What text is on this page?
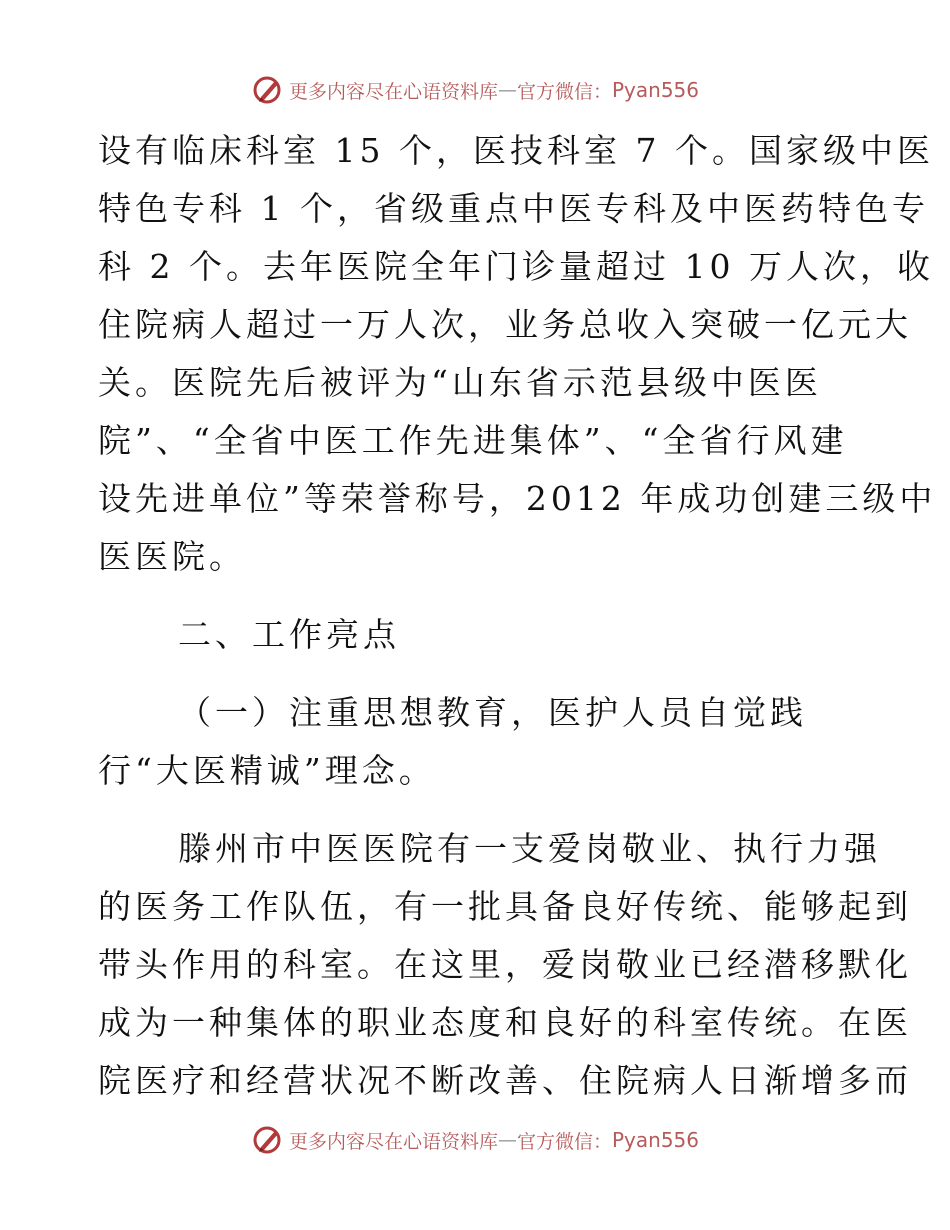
更多内容尽在心语资料库 — 官方微信： Pyan556
设有临床科室 15 个，医技科室 7 个。国家级中医
特色专科 1 个，省级重点中医专科及中医药特色专
科 2 个。去年医院全年门诊量超过 10 万人次，收
住院病人超过一万人次，业务总收入突破一亿元大
关。医院先后被评为“山东省示范县级中医医
院”、“全省中医工作先进集体”、“全省行风建
设先进单位”等荣誉称号，2012 年成功创建三级中
医医院。
二、工作亮点
（一）注重思想教育，医护人员自觉践
行“大医精诚”理念。
滕州市中医医院有一支爱岗敬业、执行力强
的医务工作队伍，有一批具备良好传统、能够起到
带头作用的科室。在这里，爱岗敬业已经潜移默化
成为一种集体的职业态度和良好的科室传统。在医
院医疗和经营状况不断改善、住院病人日渐增多而
更多内容尽在心语资料库 — 官方微信： Pyan556
